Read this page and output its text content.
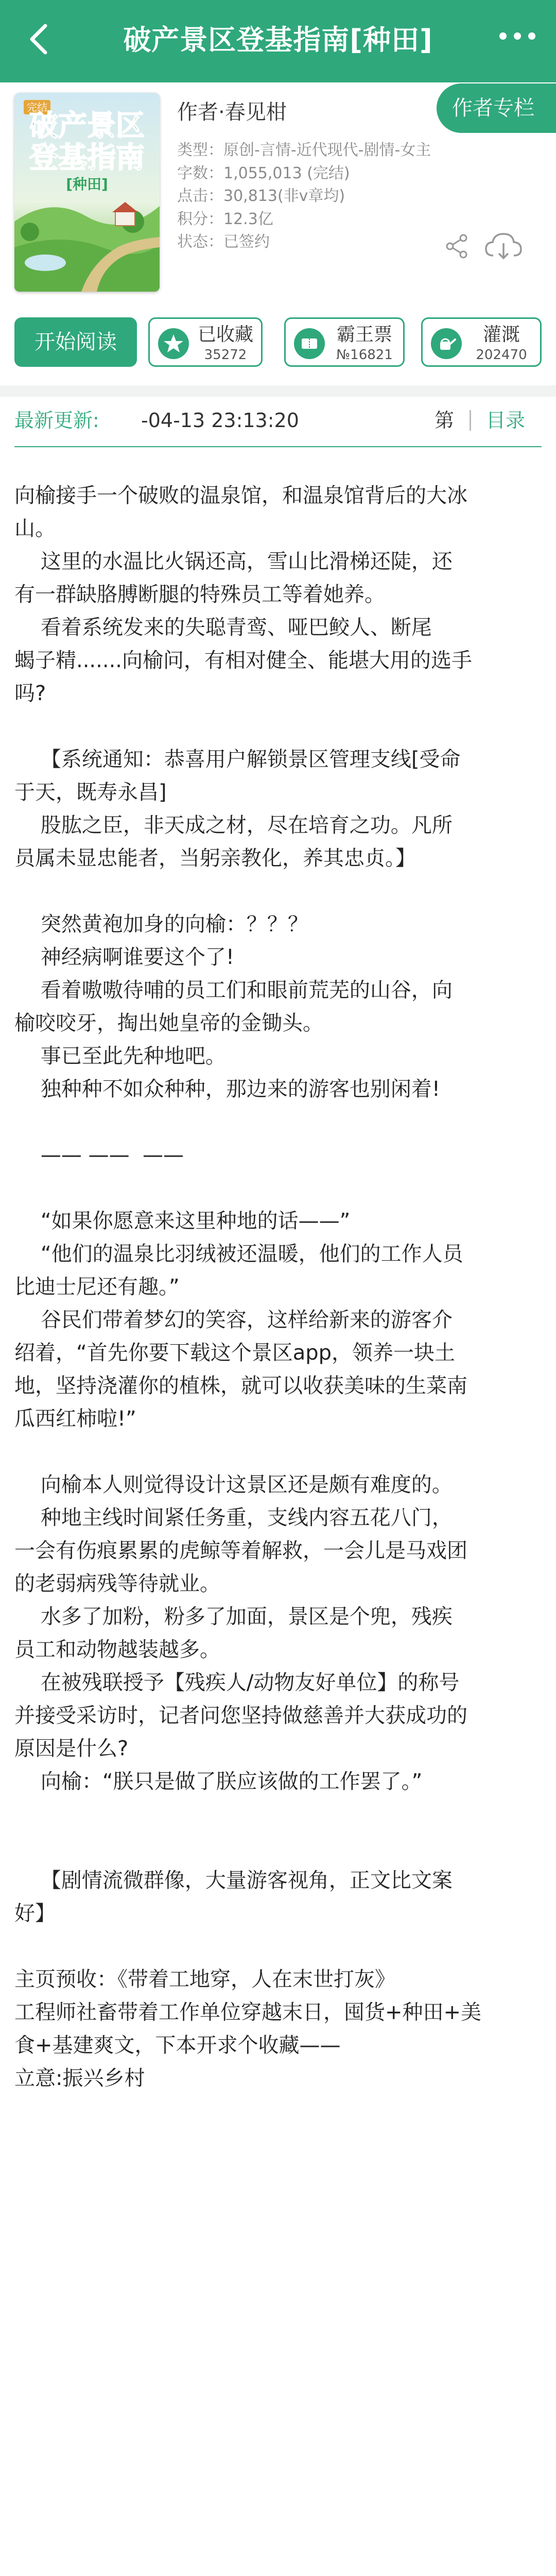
破产景区登基指南[种田]
完结
破产景区
登基指南
[种田]
作者·春见柑	作者专栏
类型：原创-言情-近代现代-剧情-女主
字数：1,055,013 (完结)
点击：30,813(非v章均)
积分：12.3亿
状态：已签约
开始阅读	已收藏
35272
霸王票
№16821
灌溉
202470
最新更新: -04-13 23:13:20	第 目录
向榆接手一个破败的温泉馆，和温泉馆背后的大冰
山。
这里的水温比火锅还高，雪山比滑梯还陡，还
有一群缺胳膊断腿的特殊员工等着她养。
看着系统发来的失聪青鸾、哑巴鲛人、断尾
蝎子精.......向榆问，有相对健全、能堪大用的选手
吗?
【系统通知：恭喜用户解锁景区管理支线[受命
于天，既寿永昌]
股肱之臣，非天成之材，尽在培育之功。凡所
员属未显忠能者，当躬亲教化，养其忠贞。】
突然黄袍加身的向榆：？？？
神经病啊谁要这个了!
看着嗷嗷待哺的员工们和眼前荒芜的山谷，向
榆咬咬牙，掏出她皇帝的金锄头。
事已至此先种地吧。
独种种不如众种种，那边来的游客也别闲着!
—— ——  ——
“如果你愿意来这里种地的话——”
“他们的温泉比羽绒被还温暖，他们的工作人员
比迪士尼还有趣。”
谷民们带着梦幻的笑容，这样给新来的游客介
绍着，“首先你要下载这个景区app，领养一块土
地，坚持浇灌你的植株，就可以收获美味的生菜南
瓜西红柿啦!”
向榆本人则觉得设计这景区还是颇有难度的。
种地主线时间紧任务重，支线内容五花八门，
一会有伤痕累累的虎鲸等着解救，一会儿是马戏团
的老弱病残等待就业。
水多了加粉，粉多了加面，景区是个兜，残疾
员工和动物越装越多。
在被残联授予【残疾人/动物友好单位】的称号
并接受采访时，记者问您坚持做慈善并大获成功的
原因是什么?
向榆：“朕只是做了朕应该做的工作罢了。”
【剧情流微群像，大量游客视角，正文比文案
好】
主页预收：《带着工地穿，人在末世打灰》
工程师社畜带着工作单位穿越末日，囤货+种田+美
食+基建爽文，下本开求个收藏——
立意:振兴乡村
